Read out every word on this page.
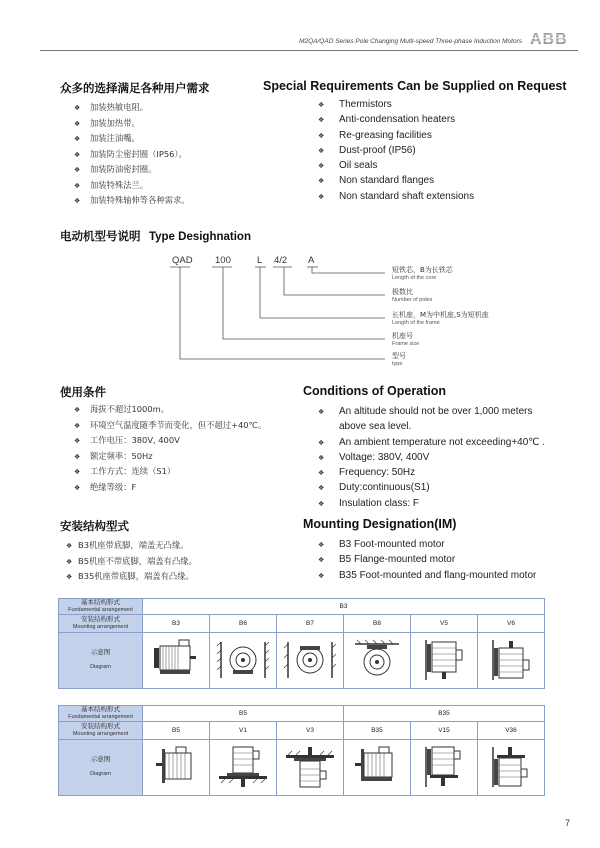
M2QA/QAD Series Pole Changing Multi-speed Three-phase Induction Motors ABB
众多的选择满足各种用户需求	Special Requirements Can be Supplied on Request
❖ 加装热敏电阻。
❖ 加装加热带。
❖ 加装注油嘴。
❖ 加装防尘密封圈（IP56）。
❖ 加装防油密封圈。
❖ 加装特殊法兰。
❖ 加装特殊轴伸等各种需求。
❖ Thermistors
❖ Anti-condensation heaters
❖ Re-greasing facilities
❖ Dust-proof (IP56)
❖ Oil seals
❖ Non standard flanges
❖ Non standard shaft extensions
电动机型号说明 Type Desighnation
QAD 100	L 4/2 A
短铁芯，B为长铁芯
Length of the core
极数比
Number of poles
长机座，M为中机座,S为短机座
Length of the frame
机座号
Frame size
型号
type
使用条件	Conditions of Operation
❖ 海拔不超过1000m。
❖ 环境空气温度随季节而变化，但不超过+40℃。
❖ 工作电压：380V, 400V
❖ 额定频率：50Hz
❖ 工作方式：连续（S1）
❖ 绝缘等级：F
❖ An altitude should not be over 1,000 meters
above sea level.
❖ An ambient temperature not exceeding+40℃ .
❖ Voltage: 380V, 400V
❖ Frequency: 50Hz
❖ Duty:continuous(S1)
❖ Insulation class: F
安装结构型式	Mounting Designation(IM)
❖ B3机座带底脚，端盖无凸缘。
❖ B5机座不带底脚，端盖有凸缘。
❖ B35机座带底脚，端盖有凸缘。
❖ B3 Foot-mounted motor
❖ B5 Flange-mounted motor
❖ B35 Foot-mounted and flang-mounted motor
基本结构形式
Fundamental arrangement	B3					
安装结构形式
Mounting arrangement	B3	B6	B7	B8	V5	V6
示意图

Diagram

基本结构形式
Fundamental arrangement	B5			B35		
安装结构形式
Mounting arrangement	B5	V1	V3	B35	V15	V36
示意图

Diagram

7
